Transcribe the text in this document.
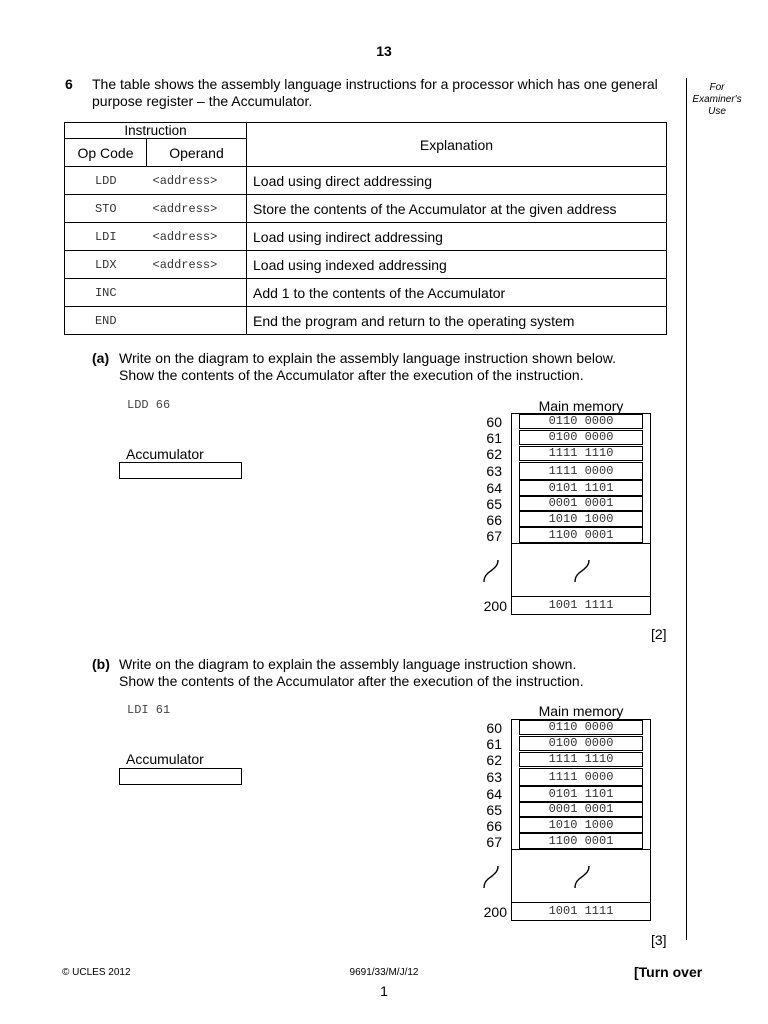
13
For
Examiner's
Use
6 The table shows the assembly language instructions for a processor which has one general purpose register – the Accumulator.
Instruction		Explanation
Op Code	Operand	
LDD	<address>	Load using direct addressing
STO	<address>	Store the contents of the Accumulator at the given address
LDI	<address>	Load using indirect addressing
LDX	<address>	Load using indexed addressing
INC		Add 1 to the contents of the Accumulator
END		End the program and return to the operating system
(a) Write on the diagram to explain the assembly language instruction shown below.
Show the contents of the Accumulator after the execution of the instruction.
LDD 66
Accumulator
Main memory
60
61
62
63
64
65
66
67
200
0110 0000
0100 0000
1111 1110
1111 0000
0101 1101
0001 0001
1010 1000
1100 0001
1001 1111
[2]
(b) Write on the diagram to explain the assembly language instruction shown.
Show the contents of the Accumulator after the execution of the instruction.
LDI 61
Accumulator
Main memory
60
61
62
63
64
65
66
67
200
0110 0000
0100 0000
1111 1110
1111 0000
0101 1101
0001 0001
1010 1000
1100 0001
1001 1111
[3]
© UCLES 2012	9691/33/M/J/12	[Turn over
1
